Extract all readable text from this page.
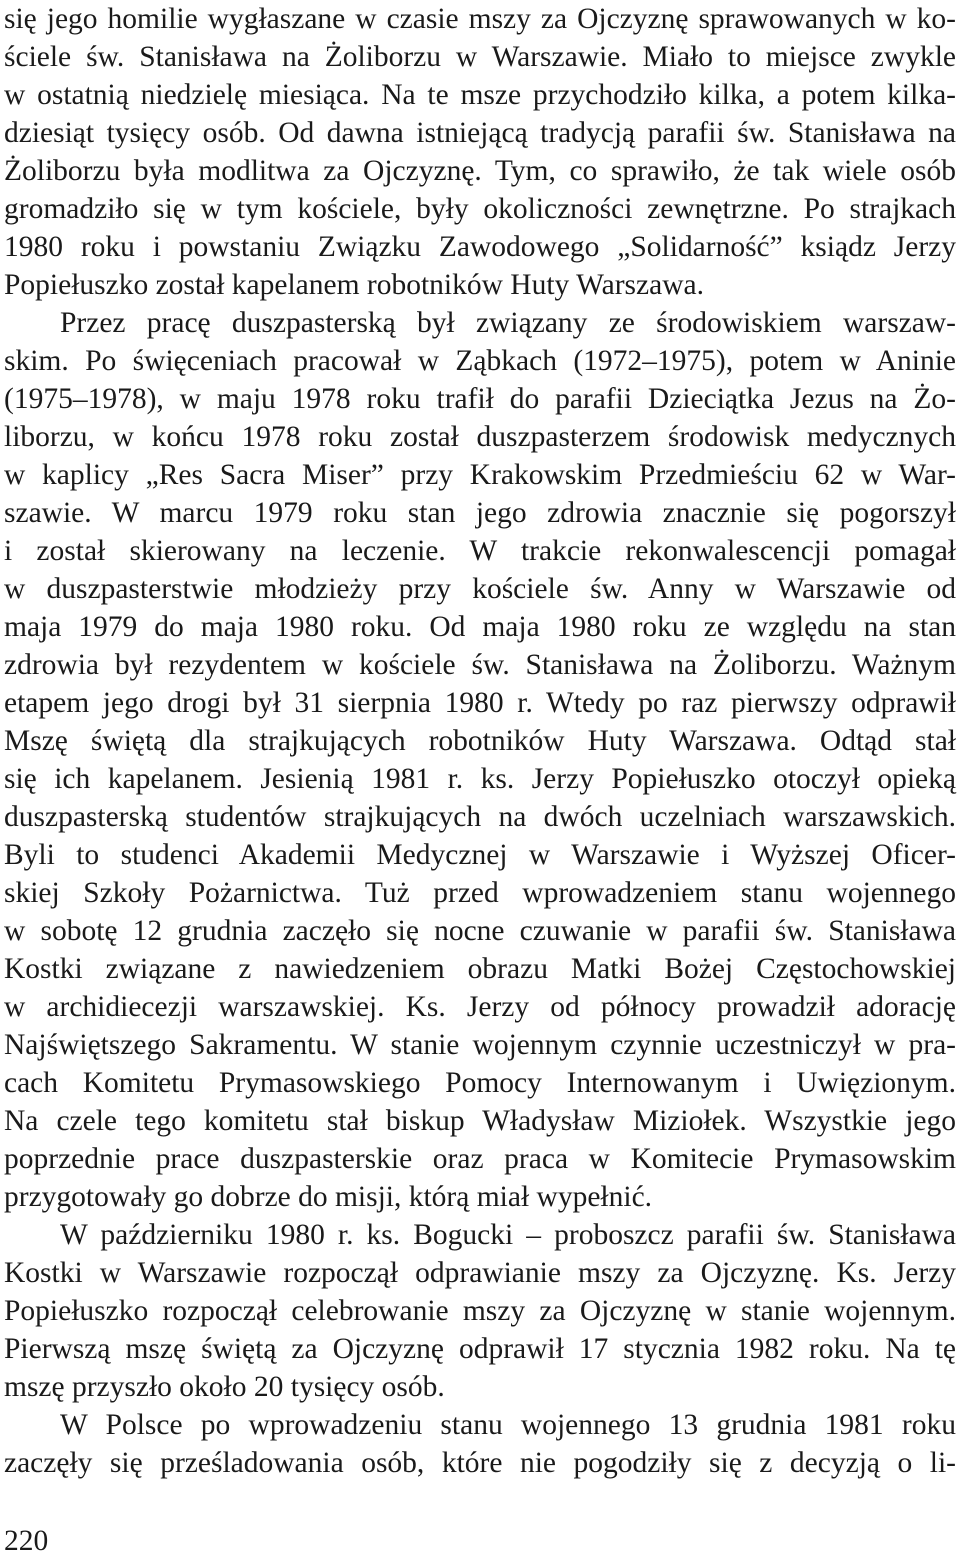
się jego homilie wygłaszane w czasie mszy za Ojczyznę sprawowanych w ko-
ściele św. Stanisława na Żoliborzu w Warszawie. Miało to miejsce zwykle
w ostatnią niedzielę miesiąca. Na te msze przychodziło kilka, a potem kilka-
dziesiąt tysięcy osób. Od dawna istniejącą tradycją parafii św. Stanisława na
Żoliborzu była modlitwa za Ojczyznę. Tym, co sprawiło, że tak wiele osób
gromadziło się w tym kościele, były okoliczności zewnętrzne. Po strajkach
1980 roku i powstaniu Związku Zawodowego „Solidarność” ksiądz Jerzy
Popiełuszko został kapelanem robotników Huty Warszawa.
Przez pracę duszpasterską był związany ze środowiskiem warszaw-
skim. Po święceniach pracował w Ząbkach (1972–1975), potem w Aninie
(1975–1978), w maju 1978 roku trafił do parafii Dzieciątka Jezus na Żo-
liborzu, w końcu 1978 roku został duszpasterzem środowisk medycznych
w kaplicy „Res Sacra Miser” przy Krakowskim Przedmieściu 62 w War-
szawie. W marcu 1979 roku stan jego zdrowia znacznie się pogorszył
i został skierowany na leczenie. W trakcie rekonwalescencji pomagał
w duszpasterstwie młodzieży przy kościele św. Anny w Warszawie od
maja 1979 do maja 1980 roku. Od maja 1980 roku ze względu na stan
zdrowia był rezydentem w kościele św. Stanisława na Żoliborzu. Ważnym
etapem jego drogi był 31 sierpnia 1980 r. Wtedy po raz pierwszy odprawił
Mszę świętą dla strajkujących robotników Huty Warszawa. Odtąd stał
się ich kapelanem. Jesienią 1981 r. ks. Jerzy Popiełuszko otoczył opieką
duszpasterską studentów strajkujących na dwóch uczelniach warszawskich.
Byli to studenci Akademii Medycznej w Warszawie i Wyższej Oficer-
skiej Szkoły Pożarnictwa. Tuż przed wprowadzeniem stanu wojennego
w sobotę 12 grudnia zaczęło się nocne czuwanie w parafii św. Stanisława
Kostki związane z nawiedzeniem obrazu Matki Bożej Częstochowskiej
w archidiecezji warszawskiej. Ks. Jerzy od północy prowadził adorację
Najświętszego Sakramentu. W stanie wojennym czynnie uczestniczył w pra-
cach Komitetu Prymasowskiego Pomocy Internowanym i Uwięzionym.
Na czele tego komitetu stał biskup Władysław Miziołek. Wszystkie jego
poprzednie prace duszpasterskie oraz praca w Komitecie Prymasowskim
przygotowały go dobrze do misji, którą miał wypełnić.
W październiku 1980 r. ks. Bogucki – proboszcz parafii św. Stanisława
Kostki w Warszawie rozpoczął odprawianie mszy za Ojczyznę. Ks. Jerzy
Popiełuszko rozpoczął celebrowanie mszy za Ojczyznę w stanie wojennym.
Pierwszą mszę świętą za Ojczyznę odprawił 17 stycznia 1982 roku. Na tę
mszę przyszło około 20 tysięcy osób.
W Polsce po wprowadzeniu stanu wojennego 13 grudnia 1981 roku
zaczęły się prześladowania osób, które nie pogodziły się z decyzją o li-
220
